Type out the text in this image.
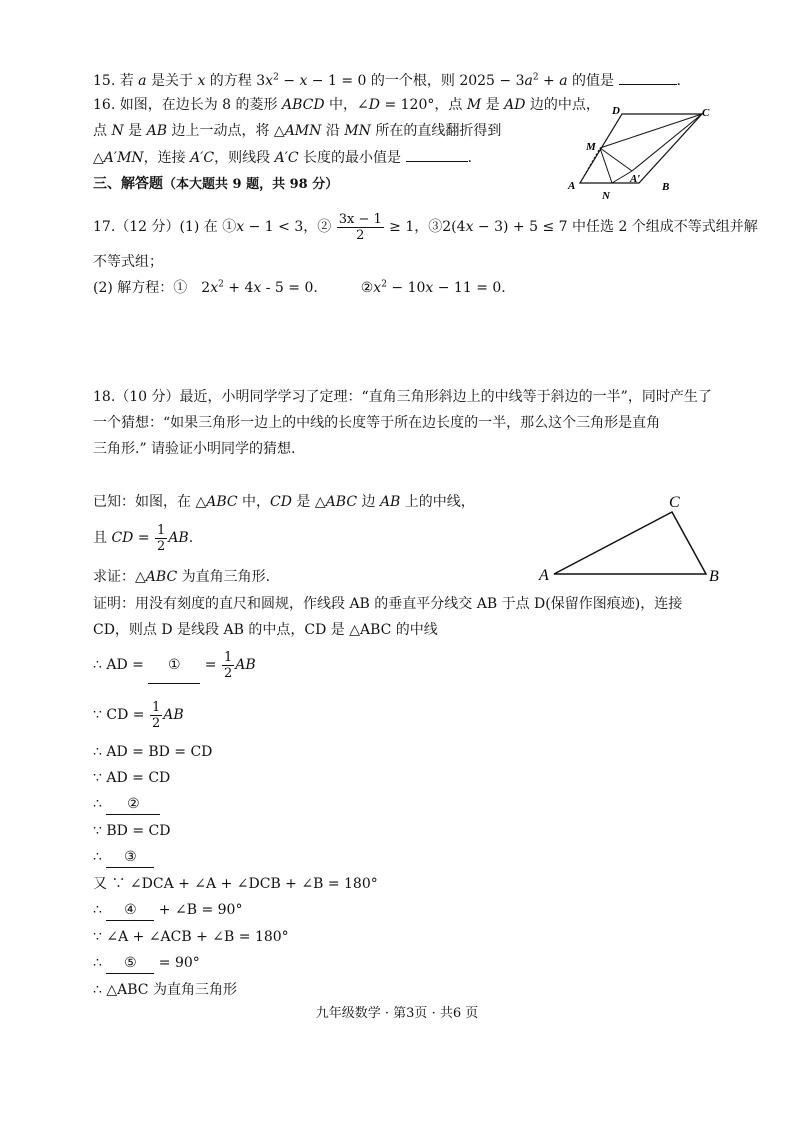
15. 若 a 是关于 x 的方程 $3x^2 - x - 1 = 0$ 的一个根，则 $2025 - 3a^2 + a$ 的值是	.
16. 如图，在边长为 8 的菱形 ABCD 中，∠D = 120°，点 M 是 AD 边的中点，
点 N 是 AB 边上一动点，将 △AMN 沿 MN 所在的直线翻折得到
△A′MN，连接 A′C，则线段 A′C 长度的最小值是	.
D	C
M
A
N
B
A′
三、解答题（本大题共 9 题，共 98 分）
17.（12 分）(1) 在 ①x − 1 < 3，② $\frac{3x - 1}{2} \ge 1$，③2(4x − 3) + 5 ≤ 7 中任选 2 个组成不等式组并解
不等式组；
(2) 解方程：①　$2x^2 + 4x - 5 = 0$.	$②x^2 - 10x - 11 = 0$.
18.（10 分）最近，小明同学学习了定理：“直角三角形斜边上的中线等于斜边的一半”，同时产生了
一个猜想：“如果三角形一边上的中线的长度等于所在边长度的一半，那么这个三角形是直角
三角形.” 请验证小明同学的猜想.
已知：如图，在 △ABC 中，CD 是 △ABC 边 AB 上的中线，
且 CD = $\frac{1}{2}$ AB.
求证：△ABC 为直角三角形.	A	B
C
证明：用没有刻度的直尺和圆规，作线段 AB 的垂直平分线交 AB 于点 D(保留作图痕迹)，连接
CD，则点 D 是线段 AB 的中点，CD 是 △ABC 的中线
∴ AD = ① = $\frac{1}{2}$ AB
∵ CD = $\frac{1}{2}$ AB
∴ AD = BD = CD
∵ AD = CD
∴ ②
∵ BD = CD
∴ ③
又 ∵ ∠DCA + ∠A + ∠DCB + ∠B = 180°
∴ ④ + ∠B = 90°
∵ ∠A + ∠ACB + ∠B = 180°
∴ ⑤ = 90°
∴ △ABC 为直角三角形
九年级数学 · 第3页 · 共6 页
